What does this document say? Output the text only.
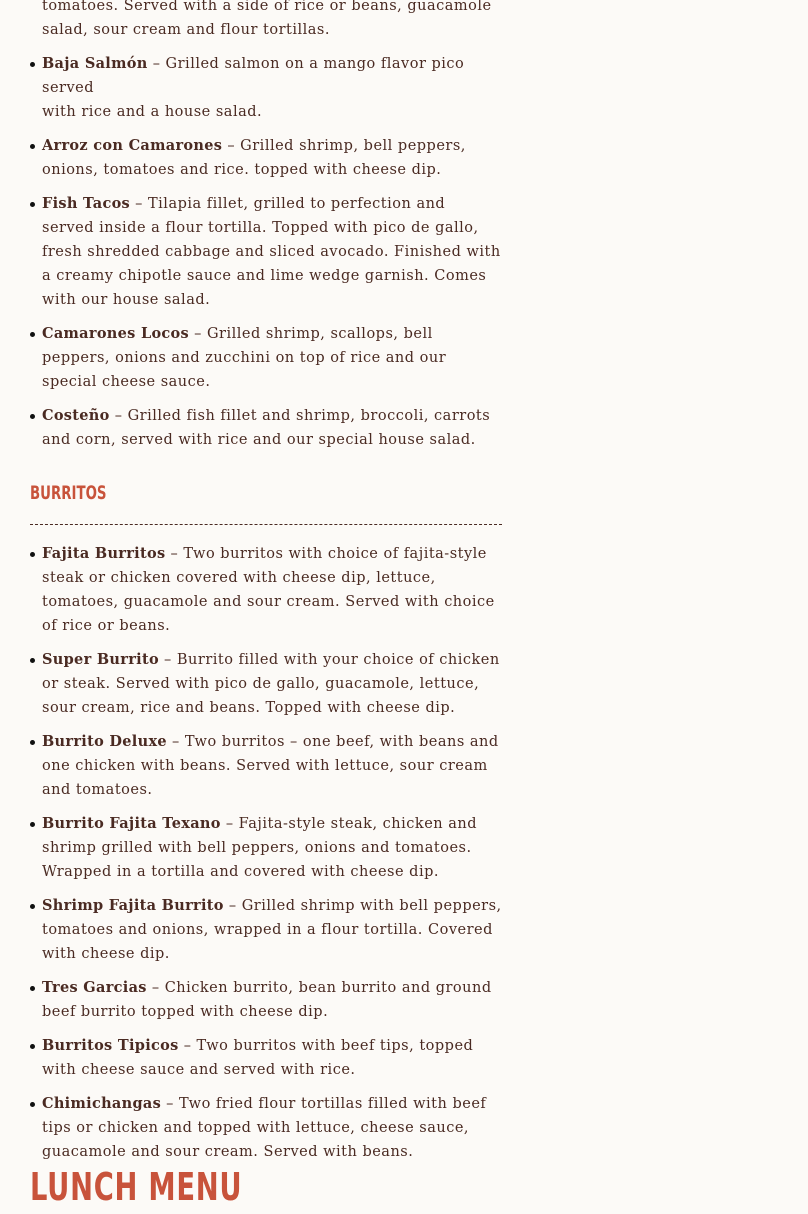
tomatoes. Served with a side of rice or beans, guacamole salad, sour cream and flour tortillas.
Baja Salmón – Grilled salmon on a mango flavor pico served
with rice and a house salad.
Arroz con Camarones – Grilled shrimp, bell peppers, onions, tomatoes and rice. topped with cheese dip.
Fish Tacos – Tilapia fillet, grilled to perfection and served inside a flour tortilla. Topped with pico de gallo, fresh shredded cabbage and sliced avocado. Finished with a creamy chipotle sauce and lime wedge garnish. Comes with our house salad.
Camarones Locos – Grilled shrimp, scallops, bell peppers, onions and zucchini on top of rice and our special cheese sauce.
Costeño – Grilled fish fillet and shrimp, broccoli, carrots and corn, served with rice and our special house salad.
BURRITOS
Fajita Burritos – Two burritos with choice of fajita-style steak or chicken covered with cheese dip, lettuce, tomatoes, guacamole and sour cream. Served with choice of rice or beans.
Super Burrito – Burrito filled with your choice of chicken or steak. Served with pico de gallo, guacamole, lettuce, sour cream, rice and beans. Topped with cheese dip.
Burrito Deluxe – Two burritos – one beef, with beans and one chicken with beans. Served with lettuce, sour cream and tomatoes.
Burrito Fajita Texano – Fajita-style steak, chicken and shrimp grilled with bell peppers, onions and tomatoes. Wrapped in a tortilla and covered with cheese dip.
Shrimp Fajita Burrito – Grilled shrimp with bell peppers, tomatoes and onions, wrapped in a flour tortilla. Covered with cheese dip.
Tres Garcias – Chicken burrito, bean burrito and ground beef burrito topped with cheese dip.
Burritos Tipicos – Two burritos with beef tips, topped with cheese sauce and served with rice.
Chimichangas – Two fried flour tortillas filled with beef tips or chicken and topped with lettuce, cheese sauce, guacamole and sour cream. Served with beans.
LUNCH MENU
